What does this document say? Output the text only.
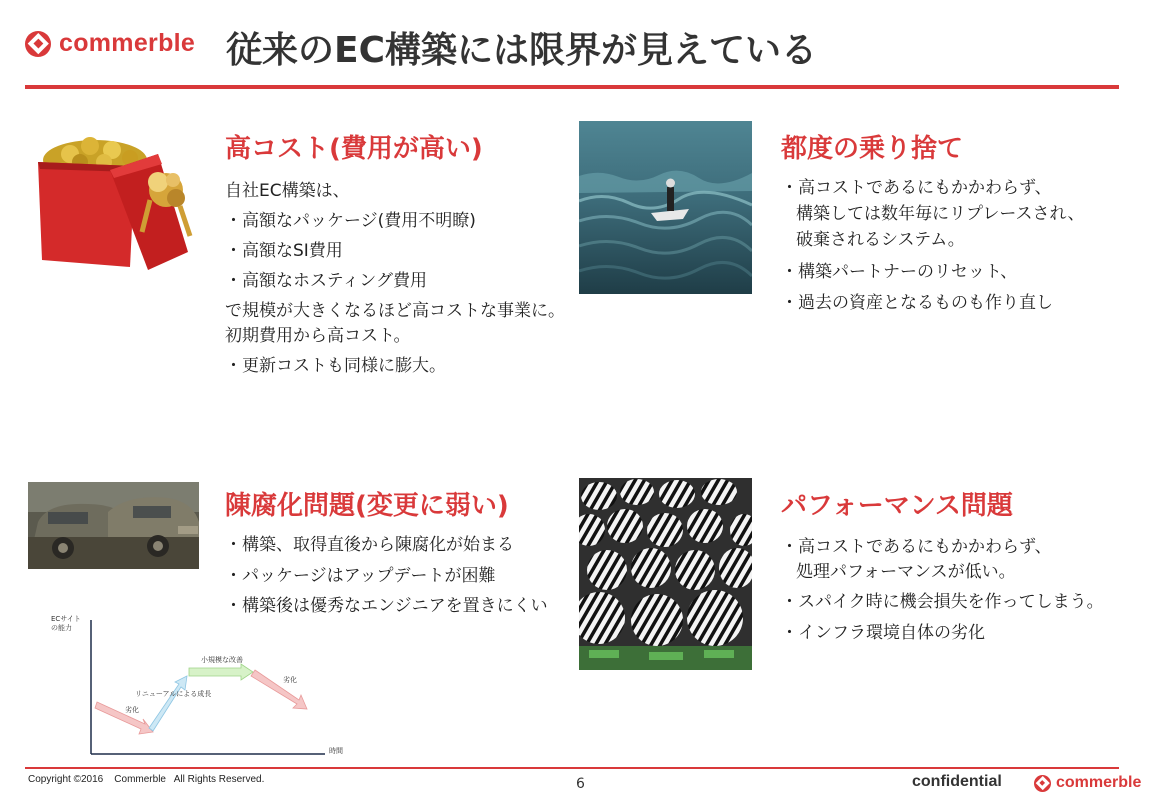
commerble 従来のEC構築には限界が見えている
高コスト(費用が高い)
自社EC構築は、
・高額なパッケージ(費用不明瞭)
・高額なSI費用
・高額なホスティング費用
で規模が大きくなるほど高コストな事業に。
初期費用から高コスト。
・更新コストも同様に膨大。
都度の乗り捨て
・高コストであるにもかかわらず、
構築しては数年毎にリプレースされ、
破棄されるシステム。
・構築パートナーのリセット、
・過去の資産となるものも作り直し
陳腐化問題(変更に弱い)
・構築、取得直後から陳腐化が始まる
・パッケージはアップデートが困難
・構築後は優秀なエンジニアを置きにくい
ECサイト
の能力
時間
劣化
リニューアルによる成長
小規模な改善
劣化
パフォーマンス問題
・高コストであるにもかかわらず、
処理パフォーマンスが低い。
・スパイク時に機会損失を作ってしまう。
・インフラ環境自体の劣化
Copyright ©2016    Commerble   All Rights Reserved.	6	confidential	commerble
